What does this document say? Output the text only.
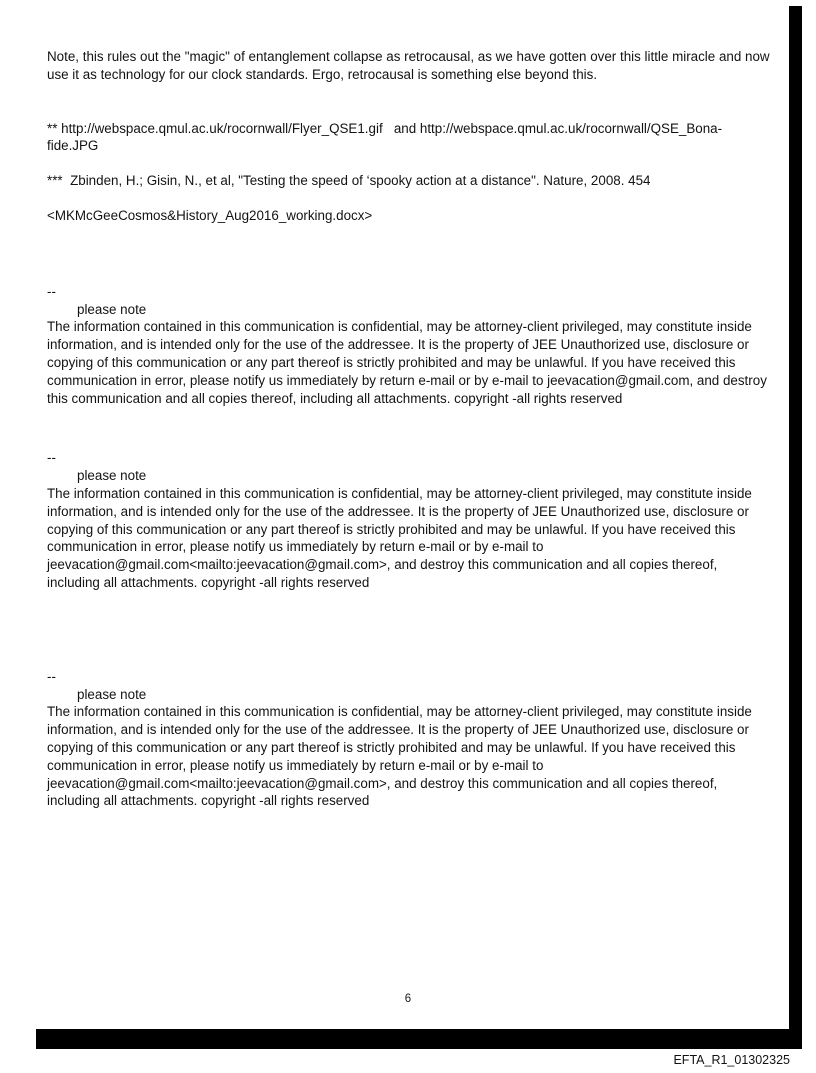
Note, this rules out the "magic" of entanglement collapse as retrocausal, as we have gotten over this little miracle and now use it as technology for our clock standards. Ergo, retrocausal is something else beyond this.

** http://webspace.qmul.ac.uk/rocornwall/Flyer_QSE1.gif   and http://webspace.qmul.ac.uk/rocornwall/QSE_Bona-fide.JPG

***  Zbinden, H.; Gisin, N., et al, "Testing the speed of ‘spooky action at a distance". Nature, 2008. 454

<MKMcGeeCosmos&History_Aug2016_working.docx>

--

please note

The information contained in this communication is confidential, may be attorney-client privileged, may constitute inside information, and is intended only for the use of the addressee. It is the property of JEE Unauthorized use, disclosure or copying of this communication or any part thereof is strictly prohibited and may be unlawful. If you have received this communication in error, please notify us immediately by return e-mail or by e-mail to jeevacation@gmail.com, and destroy this communication and all copies thereof, including all attachments. copyright -all rights reserved

--

please note

The information contained in this communication is confidential, may be attorney-client privileged, may constitute inside information, and is intended only for the use of the addressee. It is the property of JEE Unauthorized use, disclosure or copying of this communication or any part thereof is strictly prohibited and may be unlawful. If you have received this communication in error, please notify us immediately by return e-mail or by e-mail to jeevacation@gmail.com<mailto:jeevacation@gmail.com>, and destroy this communication and all copies thereof, including all attachments. copyright -all rights reserved

--

please note

The information contained in this communication is confidential, may be attorney-client privileged, may constitute inside information, and is intended only for the use of the addressee. It is the property of JEE Unauthorized use, disclosure or copying of this communication or any part thereof is strictly prohibited and may be unlawful. If you have received this communication in error, please notify us immediately by return e-mail or by e-mail to jeevacation@gmail.com<mailto:jeevacation@gmail.com>, and destroy this communication and all copies thereof, including all attachments. copyright -all rights reserved

6
EFTA_R1_01302325
